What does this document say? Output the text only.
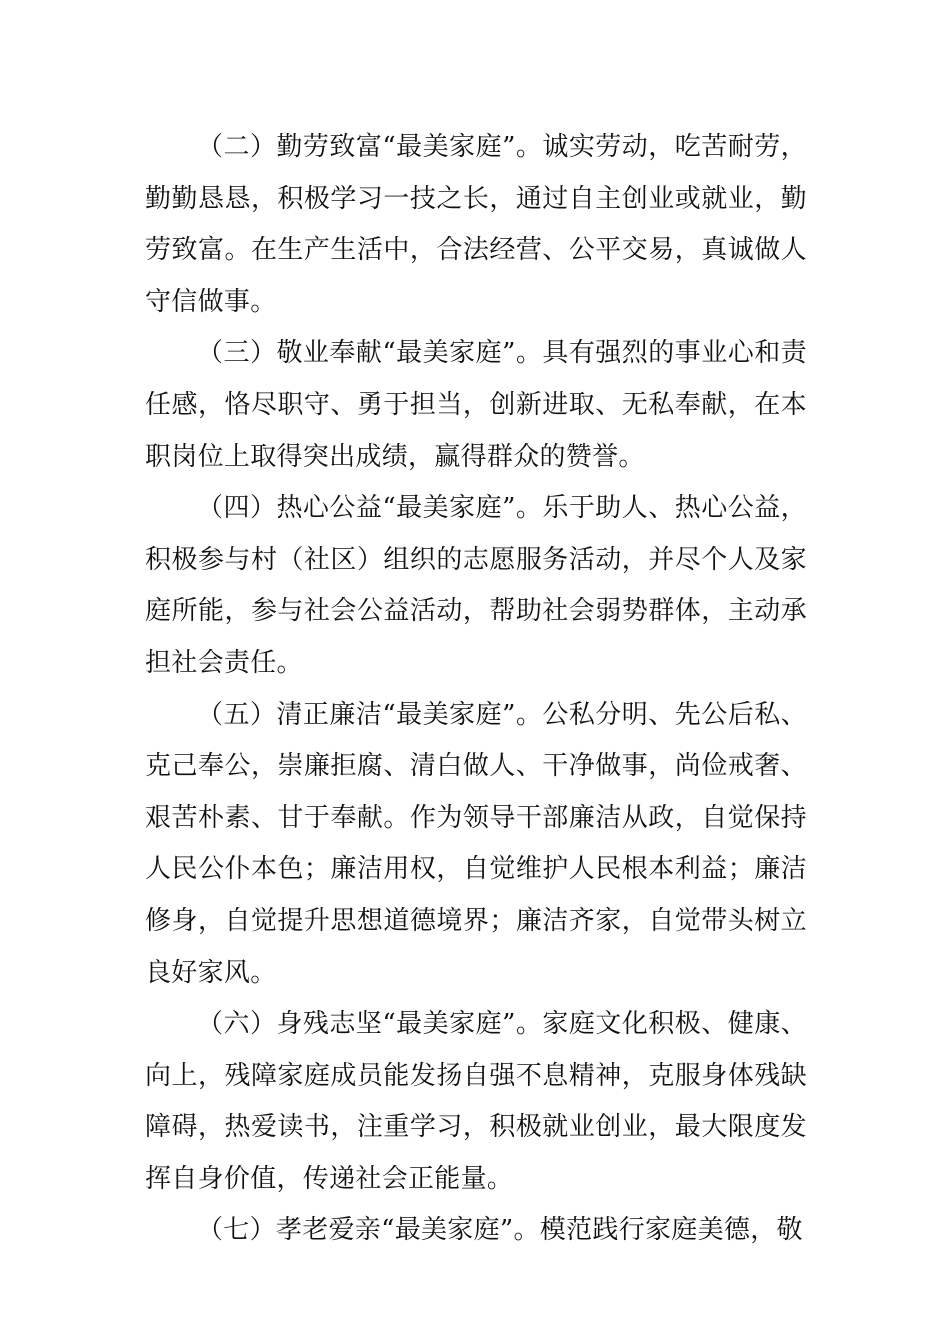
（二）勤劳致富“最美家庭”。诚实劳动，吃苦耐劳，勤勤恳恳，积极学习一技之长，通过自主创业或就业，勤劳致富。在生产生活中，合法经营、公平交易，真诚做人守信做事。

（三）敬业奉献“最美家庭”。具有强烈的事业心和责任感，恪尽职守、勇于担当，创新进取、无私奉献，在本职岗位上取得突出成绩，赢得群众的赞誉。

（四）热心公益“最美家庭”。乐于助人、热心公益，积极参与村（社区）组织的志愿服务活动，并尽个人及家庭所能，参与社会公益活动，帮助社会弱势群体，主动承担社会责任。

（五）清正廉洁“最美家庭”。公私分明、先公后私、克己奉公，崇廉拒腐、清白做人、干净做事，尚俭戒奢、艰苦朴素、甘于奉献。作为领导干部廉洁从政，自觉保持人民公仆本色；廉洁用权，自觉维护人民根本利益；廉洁修身，自觉提升思想道德境界；廉洁齐家，自觉带头树立良好家风。

（六）身残志坚“最美家庭”。家庭文化积极、健康、向上，残障家庭成员能发扬自强不息精神，克服身体残缺障碍，热爱读书，注重学习，积极就业创业，最大限度发挥自身价值，传递社会正能量。

（七）孝老爱亲“最美家庭”。模范践行家庭美德，敬
